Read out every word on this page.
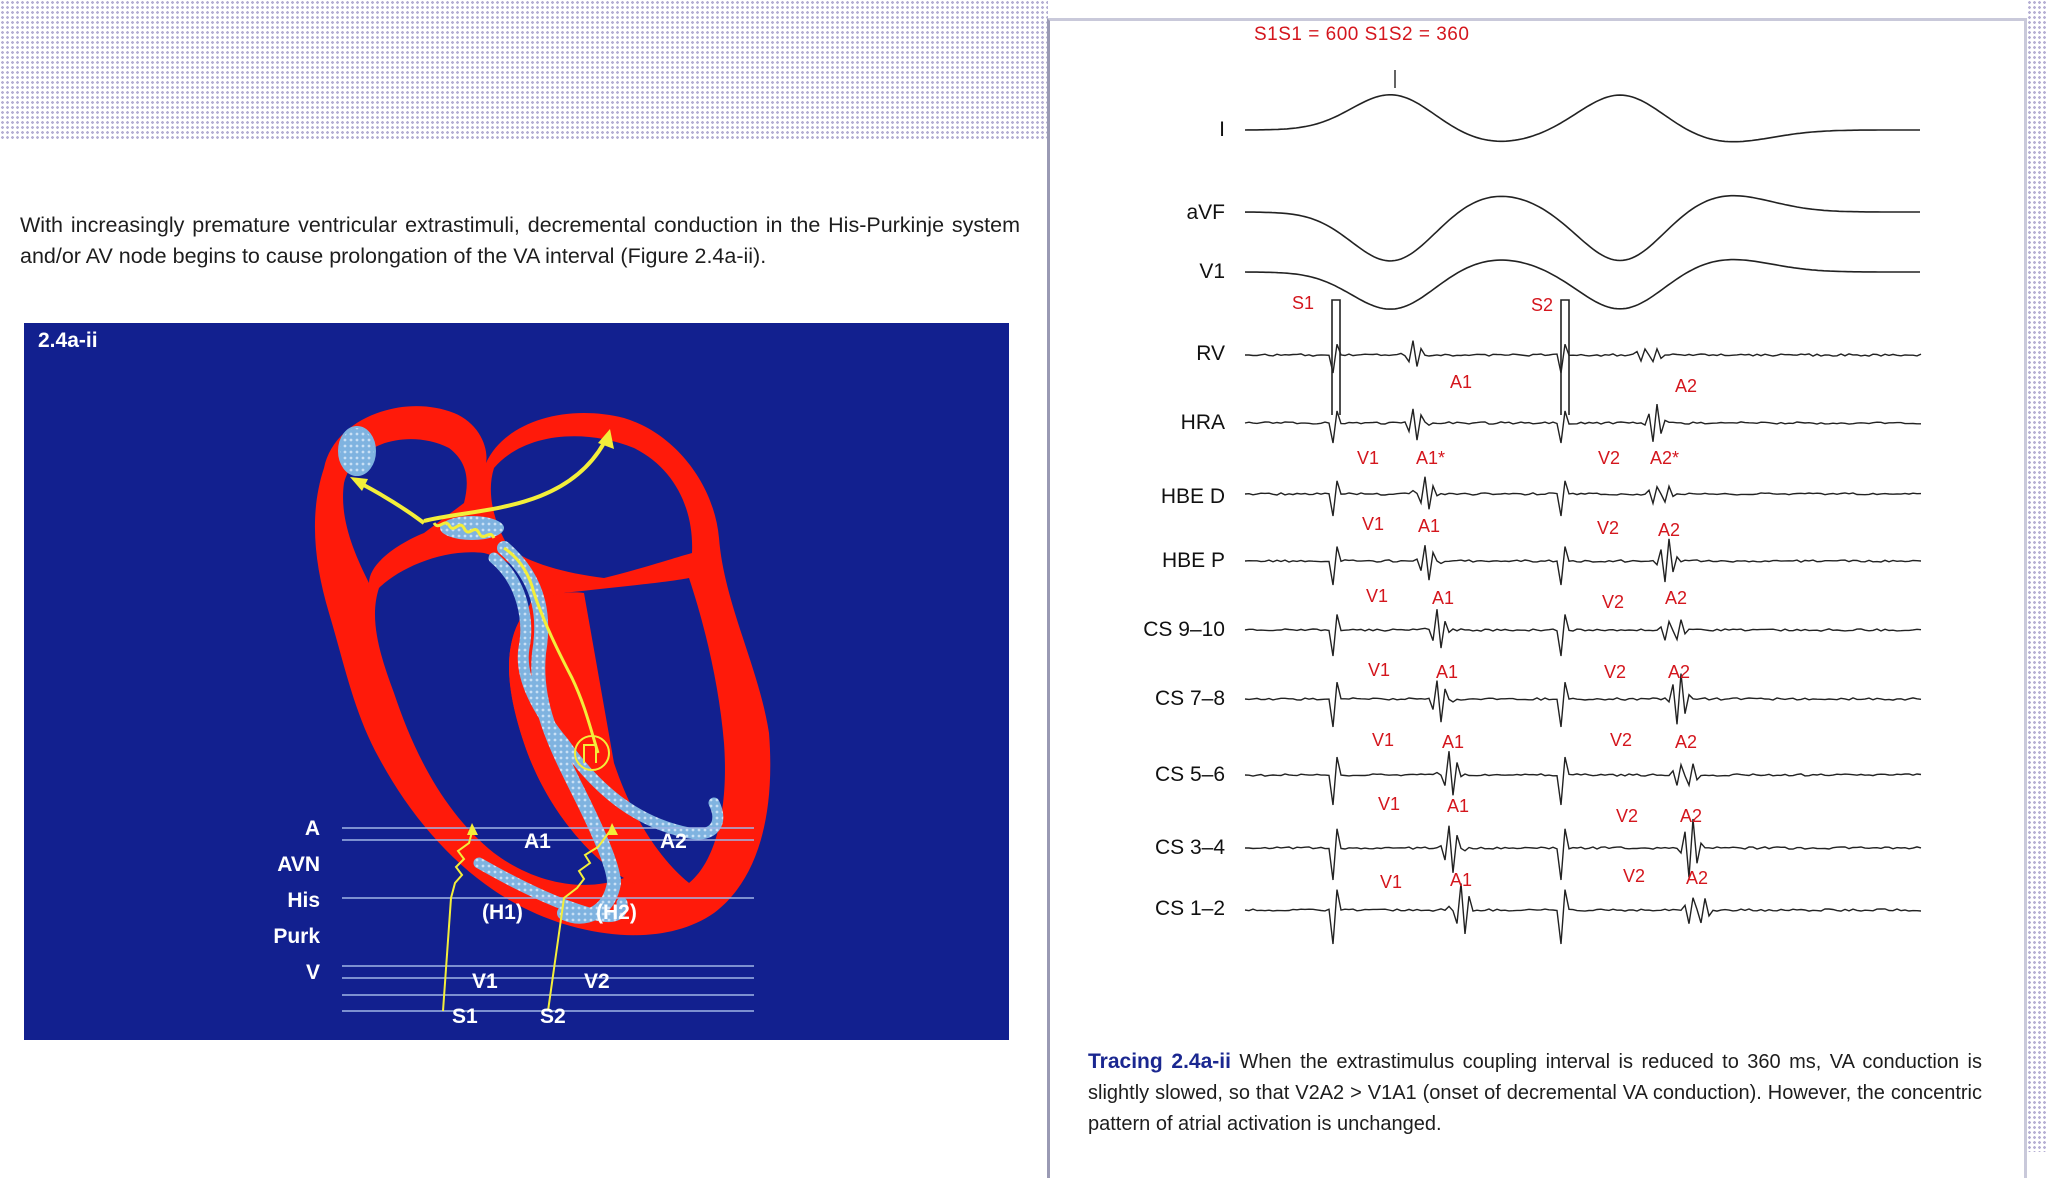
With increasingly premature ventricular extrastimuli, decremental conduction in the His-Purkinje system and/or AV node begins to cause prolongation of the VA interval (Figure 2.4a-ii).

2.4a-ii
A
AVN
His
Purk
V
A1	A2
(H1)	(H2)
V1	V2
S1	S2
S1S1 = 600 S1S2 = 360
I
aVF
V1
RV
HRA
HBE D
HBE P
CS 9–10
CS 7–8
CS 5–6
CS 3–4
CS 1–2
S1	S2
A1	A2
V1 A1*	V2 A2*
V1 A1	V2 A2
V1 A1	V2 A2
V1	A1	V2 A2
V1	A1	V2 A2
V1	A1	V2 A2
V1	A1	V2 A2

Tracing 2.4a-ii When the extrastimulus coupling interval is reduced to 360 ms, VA conduction is slightly slowed, so that V2A2 > V1A1 (onset of decremental VA conduction). However, the concentric pattern of atrial activation is unchanged.
